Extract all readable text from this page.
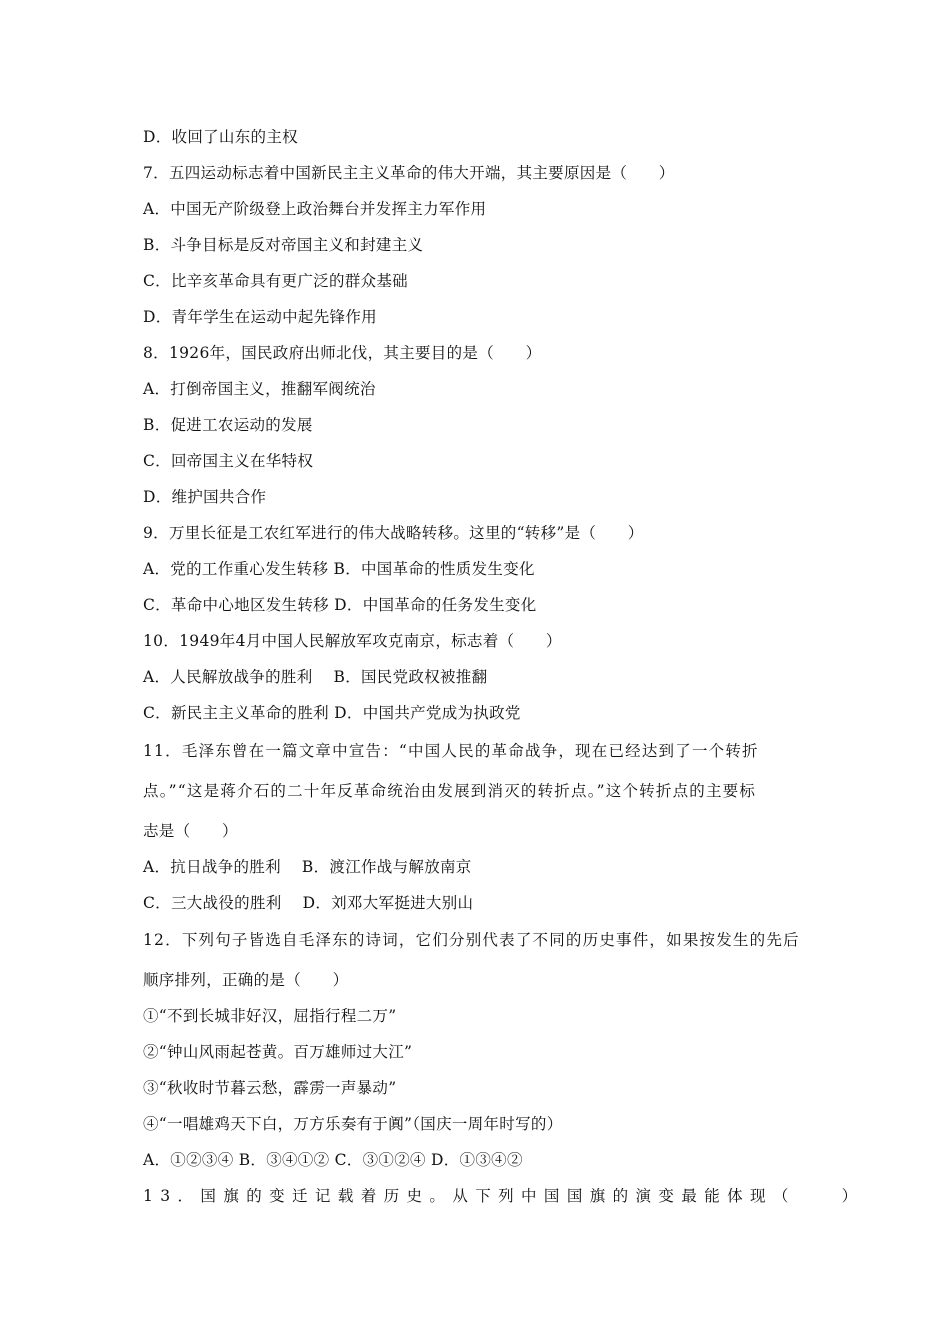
D．收回了山东的主权
7．五四运动标志着中国新民主主义革命的伟大开端，其主要原因是（　　）
A．中国无产阶级登上政治舞台并发挥主力军作用
B．斗争目标是反对帝国主义和封建主义
C．比辛亥革命具有更广泛的群众基础
D．青年学生在运动中起先锋作用
8．1926年，国民政府出师北伐，其主要目的是（　　）
A．打倒帝国主义，推翻军阀统治
B．促进工农运动的发展
C．回帝国主义在华特权
D．维护国共合作
9．万里长征是工农红军进行的伟大战略转移。这里的“转移”是（　　）
A．党的工作重心发生转移 B．中国革命的性质发生变化
C．革命中心地区发生转移 D．中国革命的任务发生变化
10．1949年4月中国人民解放军攻克南京，标志着（　　）
A．人民解放战争的胜利　 B．国民党政权被推翻
C．新民主主义革命的胜利 D．中国共产党成为执政党
11．毛泽东曾在一篇文章中宣告：“中国人民的革命战争，现在已经达到了一个转折
点。”“这是蒋介石的二十年反革命统治由发展到消灭的转折点。”这个转折点的主要标
志是（　　）
A．抗日战争的胜利　 B．渡江作战与解放南京
C．三大战役的胜利　 D．刘邓大军挺进大别山
12．下列句子皆选自毛泽东的诗词，它们分别代表了不同的历史事件，如果按发生的先后
顺序排列，正确的是（　　）
①“不到长城非好汉，屈指行程二万”
②“钟山风雨起苍黄。百万雄师过大江”
③“秋收时节暮云愁，霹雳一声暴动”
④“一唱雄鸡天下白，万方乐奏有于阗”（国庆一周年时写的）
A．①②③④ B．③④①② C．③①②④ D．①③④②
13．国旗的变迁记载着历史。从下列中国国旗的演变最能体现（　　）
